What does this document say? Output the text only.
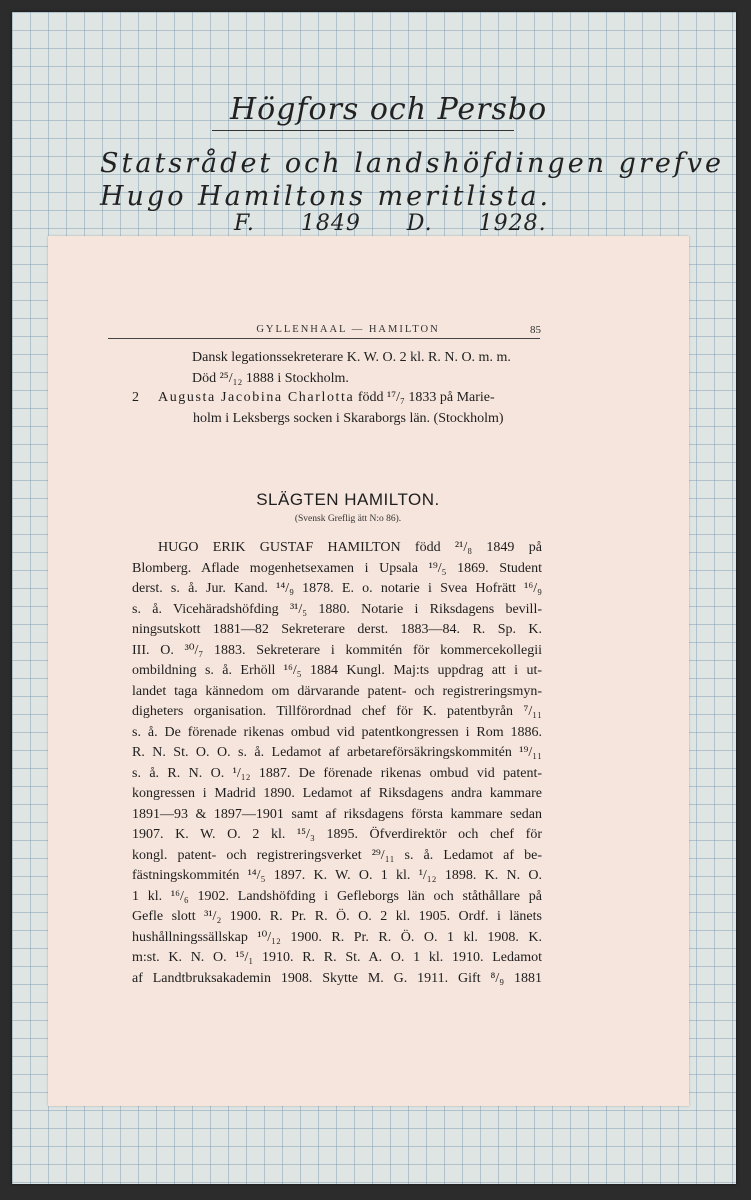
Högfors och Persbo

Statsrådet och landshöfdingen grefve

Hugo Hamiltons meritlista.

F. 1849 D. 1928.

GYLLENHAAL — HAMILTON	85
Dansk legationssekreterare K. W. O. 2 kl. R. N. O. m. m.
Död ²⁵/₁₂ 1888 i Stockholm.
2 Augusta Jacobina Charlotta född ¹⁷/₇ 1833 på Marie-
holm i Leksbergs socken i Skaraborgs län. (Stockholm)
SLÄGTEN HAMILTON.
(Svensk Greflig ätt N:o 86).
HUGO ERIK GUSTAF HAMILTON född ²¹/₈ 1849 på
Blomberg. Aflade mogenhetsexamen i Upsala ¹⁹/₅ 1869. Student
derst. s. å. Jur. Kand. ¹⁴/₉ 1878. E. o. notarie i Svea Hofrätt ¹⁶/₉
s. å. Vicehäradshöfding ³¹/₅ 1880. Notarie i Riksdagens bevill-
ningsutskott 1881—82 Sekreterare derst. 1883—84. R. Sp. K.
III. O. ³⁰/₇ 1883. Sekreterare i kommitén för kommercekollegii
ombildning s. å. Erhöll ¹⁶/₅ 1884 Kungl. Maj:ts uppdrag att i ut-
landet taga kännedom om därvarande patent- och registreringsmyn-
digheters organisation. Tillförordnad chef för K. patentbyrån ⁷/₁₁
s. å. De förenade rikenas ombud vid patentkongressen i Rom 1886.
R. N. St. O. O. s. å. Ledamot af arbetareförsäkringskommitén ¹⁹/₁₁
s. å. R. N. O. ¹/₁₂ 1887. De förenade rikenas ombud vid patent-
kongressen i Madrid 1890. Ledamot af Riksdagens andra kammare
1891—93 & 1897—1901 samt af riksdagens första kammare sedan
1907. K. W. O. 2 kl. ¹⁵/₃ 1895. Öfverdirektör och chef för
kongl. patent- och registreringsverket ²⁹/₁₁ s. å. Ledamot af be-
fästningskommitén ¹⁴/₅ 1897. K. W. O. 1 kl. ¹/₁₂ 1898. K. N. O.
1 kl. ¹⁶/₆ 1902. Landshöfding i Gefleborgs län och ståthållare på
Gefle slott ³¹/₂ 1900. R. Pr. R. Ö. O. 2 kl. 1905. Ordf. i länets
hushållningssällskap ¹⁰/₁₂ 1900. R. Pr. R. Ö. O. 1 kl. 1908. K.
m:st. K. N. O. ¹⁵/₁ 1910. R. R. St. A. O. 1 kl. 1910. Ledamot
af Landtbruksakademin 1908. Skytte M. G. 1911. Gift ⁸/₉ 1881
